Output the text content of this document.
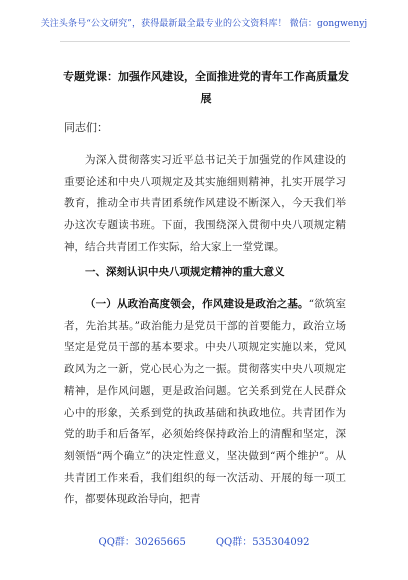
关注头条号“公文研究”，获得最新最全最专业的公文资料库！ 微信：gongwenyj
专题党课：加强作风建设，全面推进党的青年工作高质量发展
同志们：
为深入贯彻落实习近平总书记关于加强党的作风建设的重要论述和中央八项规定及其实施细则精神，扎实开展学习教育，推动全市共青团系统作风建设不断深入，今天我们举办这次专题读书班。下面，我围绕深入贯彻中央八项规定精神，结合共青团工作实际，给大家上一堂党课。
一、深刻认识中央八项规定精神的重大意义
（一）从政治高度领会，作风建设是政治之基。“欲筑室者，先治其基。”政治能力是党员干部的首要能力，政治立场坚定是党员干部的基本要求。中央八项规定实施以来，党风政风为之一新，党心民心为之一振。贯彻落实中央八项规定精神，是作风问题，更是政治问题。它关系到党在人民群众心中的形象，关系到党的执政基础和执政地位。共青团作为党的助手和后备军，必须始终保持政治上的清醒和坚定，深刻领悟“两个确立”的决定性意义，坚决做到“两个维护”。从共青团工作来看，我们组织的每一次活动、开展的每一项工作，都要体现政治导向，把青
QQ群：30265665	QQ群：535304092
